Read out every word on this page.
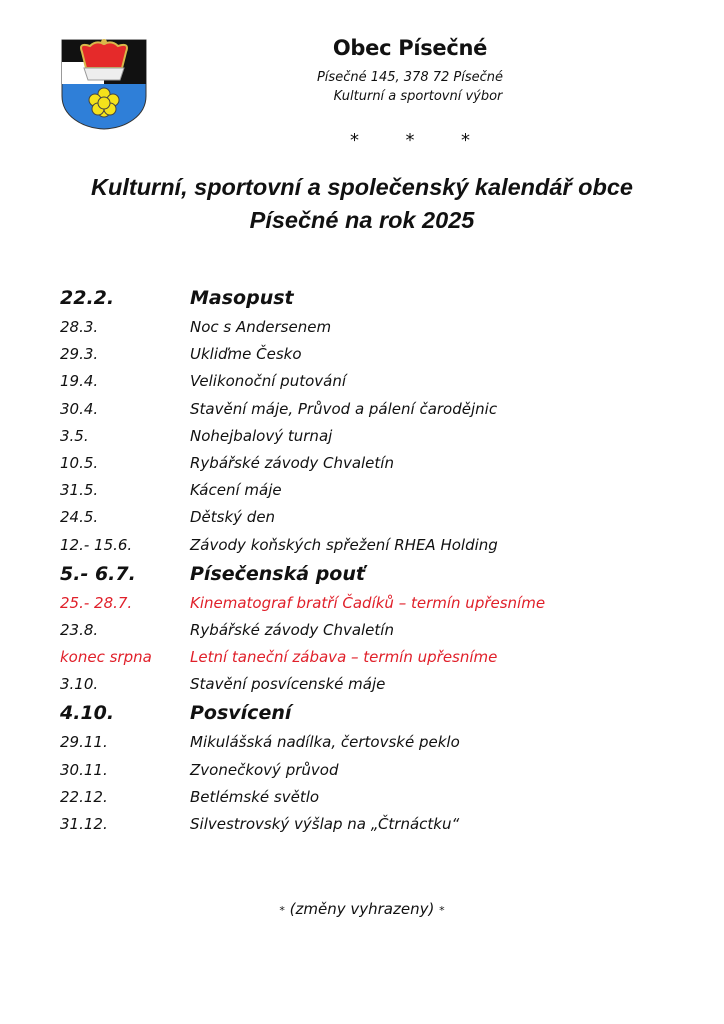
Obec Písečné
Písečné 145, 378 72 Písečné
Kulturní a sportovní výbor
*	*	*
Kulturní, sportovní a společenský kalendář obce
Písečné na rok 2025
22.2.	Masopust
28.3.	Noc s Andersenem
29.3.	Ukliďme Česko
19.4.	Velikonoční putování
30.4.	Stavění máje, Průvod a pálení čarodějnic
3.5.	Nohejbalový turnaj
10.5.	Rybářské závody Chvaletín
31.5.	Kácení máje
24.5.	Dětský den
12.- 15.6.	Závody koňských spřežení RHEA Holding
5.- 6.7.	Písečenská pouť
25.- 28.7.	Kinematograf bratří Čadíků – termín upřesníme
23.8.	Rybářské závody Chvaletín
konec srpna	Letní taneční zábava – termín upřesníme
3.10.	Stavění posvícenské máje
4.10.	Posvícení
29.11.	Mikulášská nadílka, čertovské peklo
30.11.	Zvonečkový průvod
22.12.	Betlémské světlo
31.12.	Silvestrovský výšlap na „Čtrnáctku“
* (změny vyhrazeny) *
